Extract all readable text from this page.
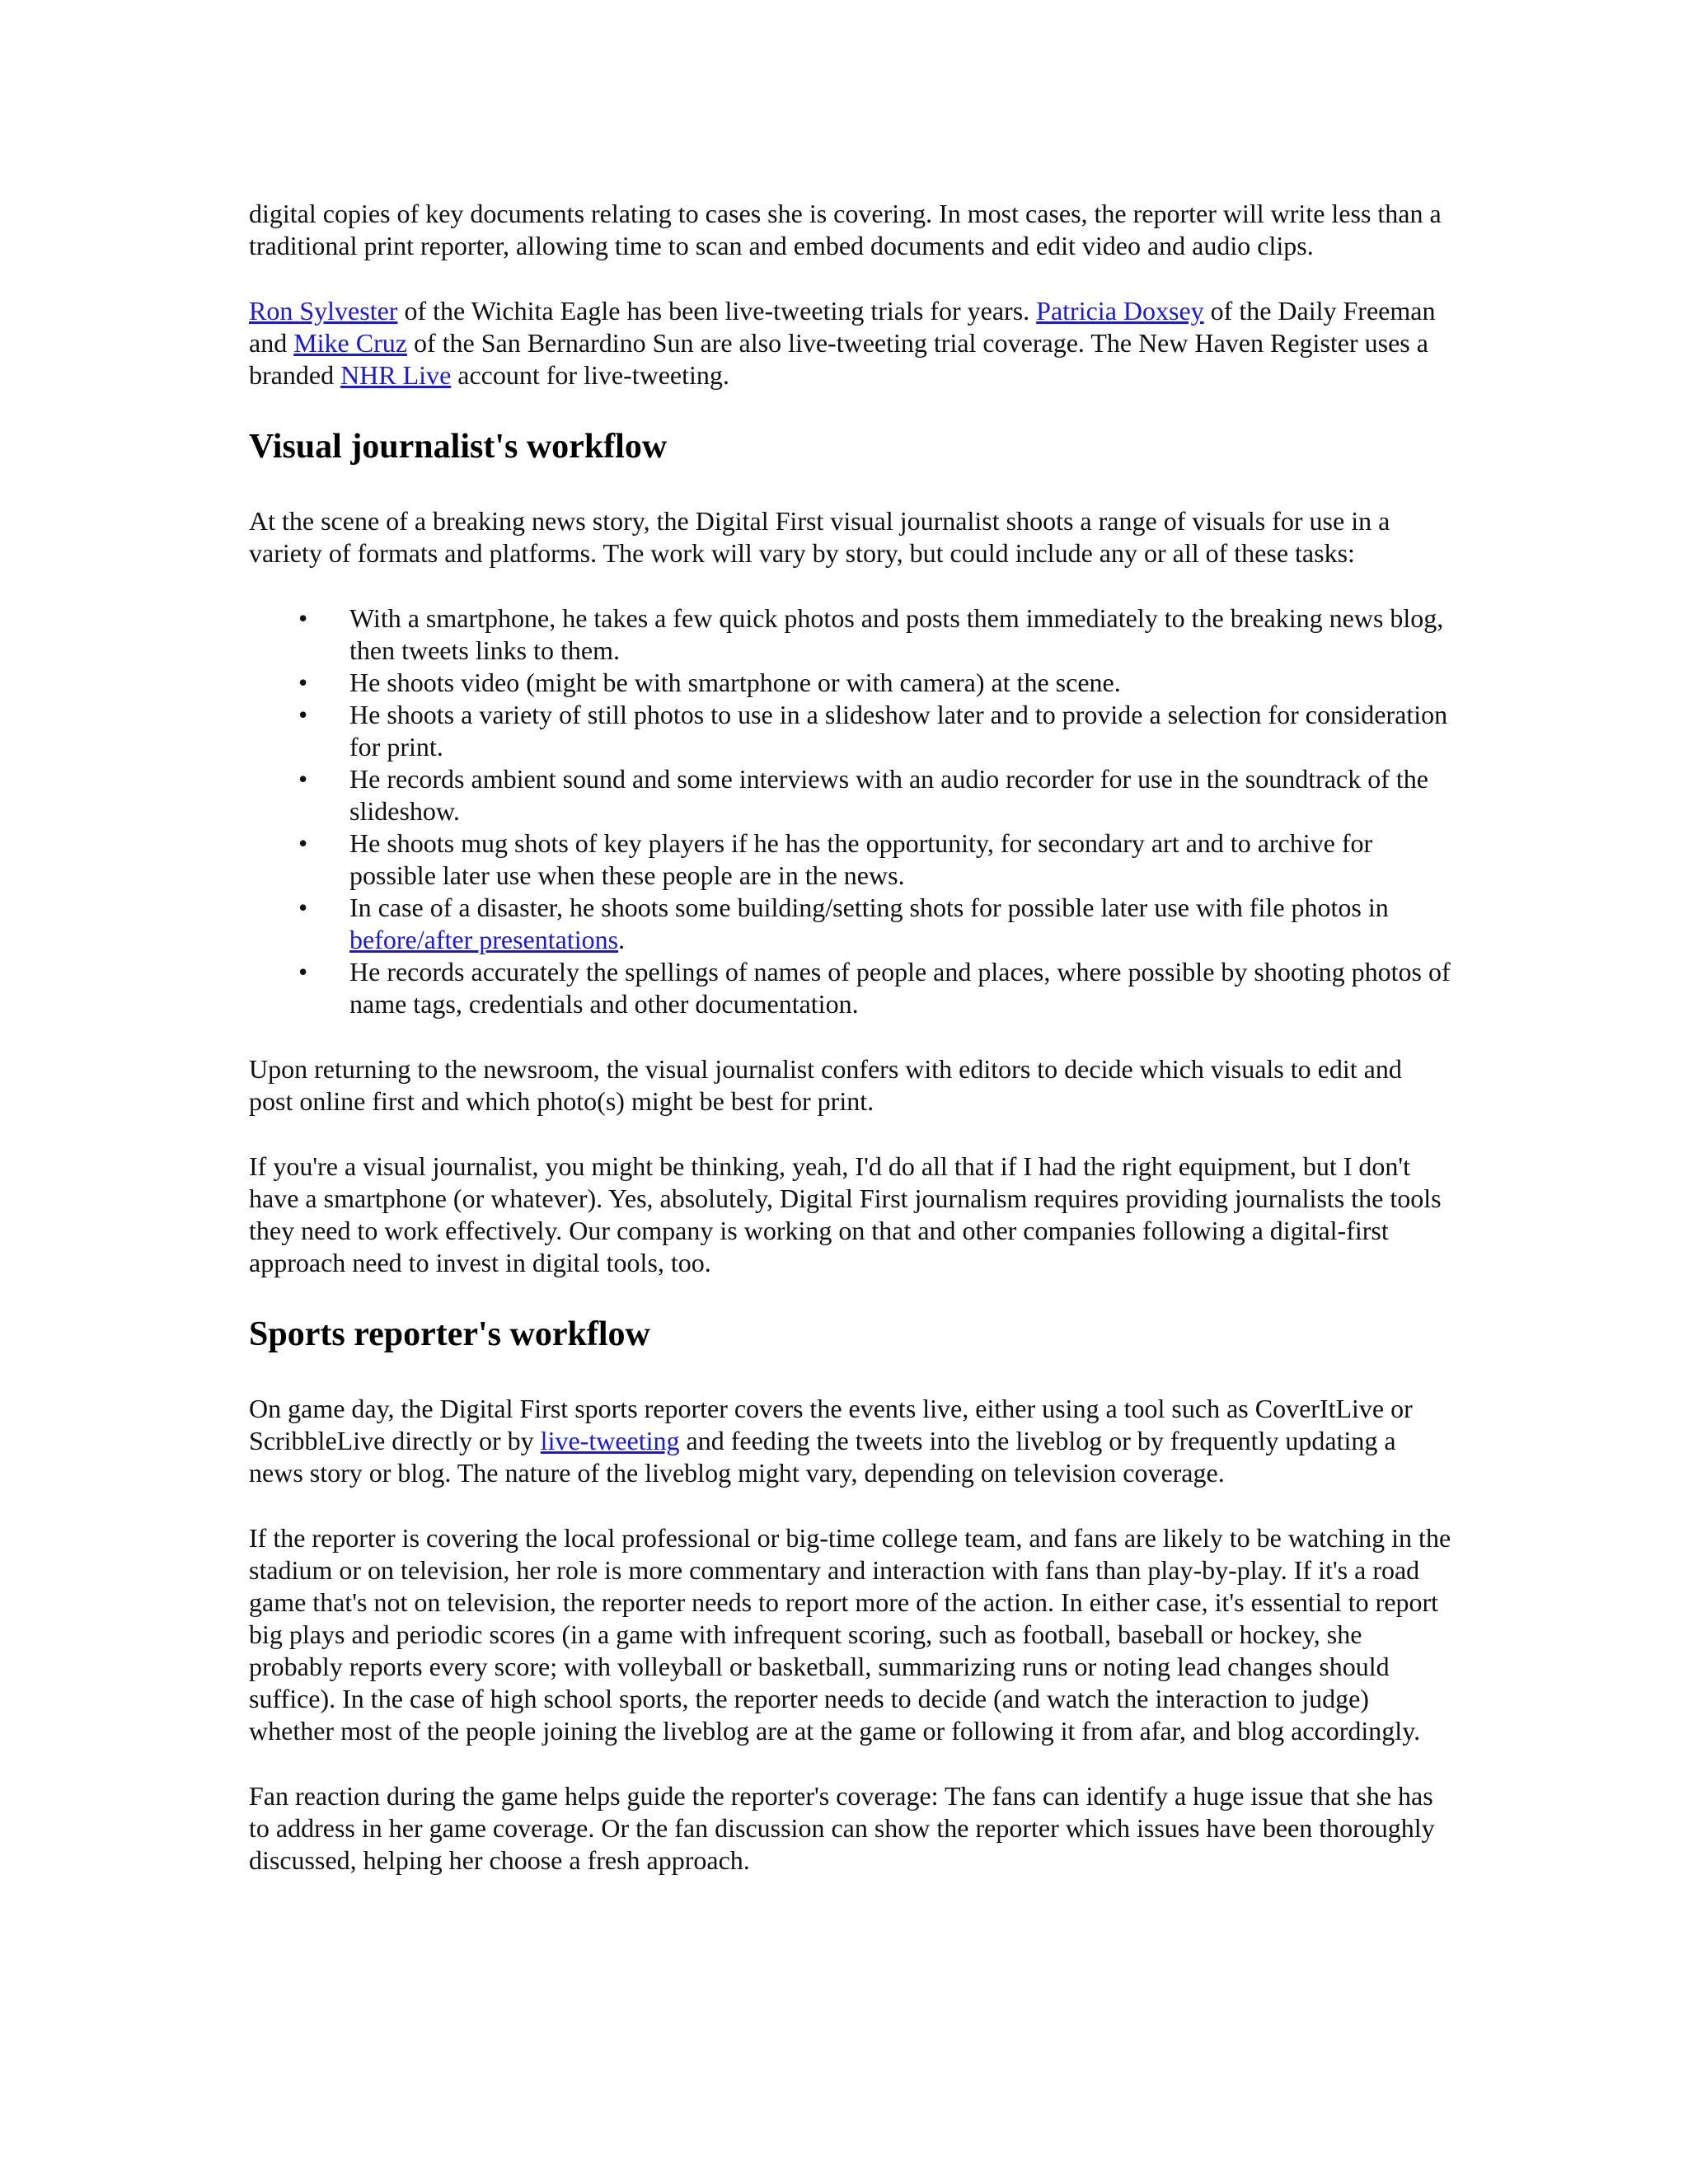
digital copies of key documents relating to cases she is covering. In most cases, the reporter will write less than a traditional print reporter, allowing time to scan and embed documents and edit video and audio clips.

Ron Sylvester of the Wichita Eagle has been live-tweeting trials for years. Patricia Doxsey of the Daily Freeman and Mike Cruz of the San Bernardino Sun are also live-tweeting trial coverage. The New Haven Register uses a branded NHR Live account for live-tweeting.

Visual journalist's workflow

At the scene of a breaking news story, the Digital First visual journalist shoots a range of visuals for use in a variety of formats and platforms. The work will vary by story, but could include any or all of these tasks:

• With a smartphone, he takes a few quick photos and posts them immediately to the breaking news blog, then tweets links to them.
• He shoots video (might be with smartphone or with camera) at the scene.
• He shoots a variety of still photos to use in a slideshow later and to provide a selection for consideration for print.
• He records ambient sound and some interviews with an audio recorder for use in the soundtrack of the slideshow.
• He shoots mug shots of key players if he has the opportunity, for secondary art and to archive for possible later use when these people are in the news.
• In case of a disaster, he shoots some building/setting shots for possible later use with file photos in before/after presentations.
• He records accurately the spellings of names of people and places, where possible by shooting photos of name tags, credentials and other documentation.

Upon returning to the newsroom, the visual journalist confers with editors to decide which visuals to edit and post online first and which photo(s) might be best for print.

If you're a visual journalist, you might be thinking, yeah, I'd do all that if I had the right equipment, but I don't have a smartphone (or whatever). Yes, absolutely, Digital First journalism requires providing journalists the tools they need to work effectively. Our company is working on that and other companies following a digital-first approach need to invest in digital tools, too.

Sports reporter's workflow

On game day, the Digital First sports reporter covers the events live, either using a tool such as CoverItLive or ScribbleLive directly or by live-tweeting and feeding the tweets into the liveblog or by frequently updating a news story or blog. The nature of the liveblog might vary, depending on television coverage.

If the reporter is covering the local professional or big-time college team, and fans are likely to be watching in the stadium or on television, her role is more commentary and interaction with fans than play-by-play. If it's a road game that's not on television, the reporter needs to report more of the action. In either case, it's essential to report big plays and periodic scores (in a game with infrequent scoring, such as football, baseball or hockey, she probably reports every score; with volleyball or basketball, summarizing runs or noting lead changes should suffice). In the case of high school sports, the reporter needs to decide (and watch the interaction to judge) whether most of the people joining the liveblog are at the game or following it from afar, and blog accordingly.

Fan reaction during the game helps guide the reporter's coverage: The fans can identify a huge issue that she has to address in her game coverage. Or the fan discussion can show the reporter which issues have been thoroughly discussed, helping her choose a fresh approach.
